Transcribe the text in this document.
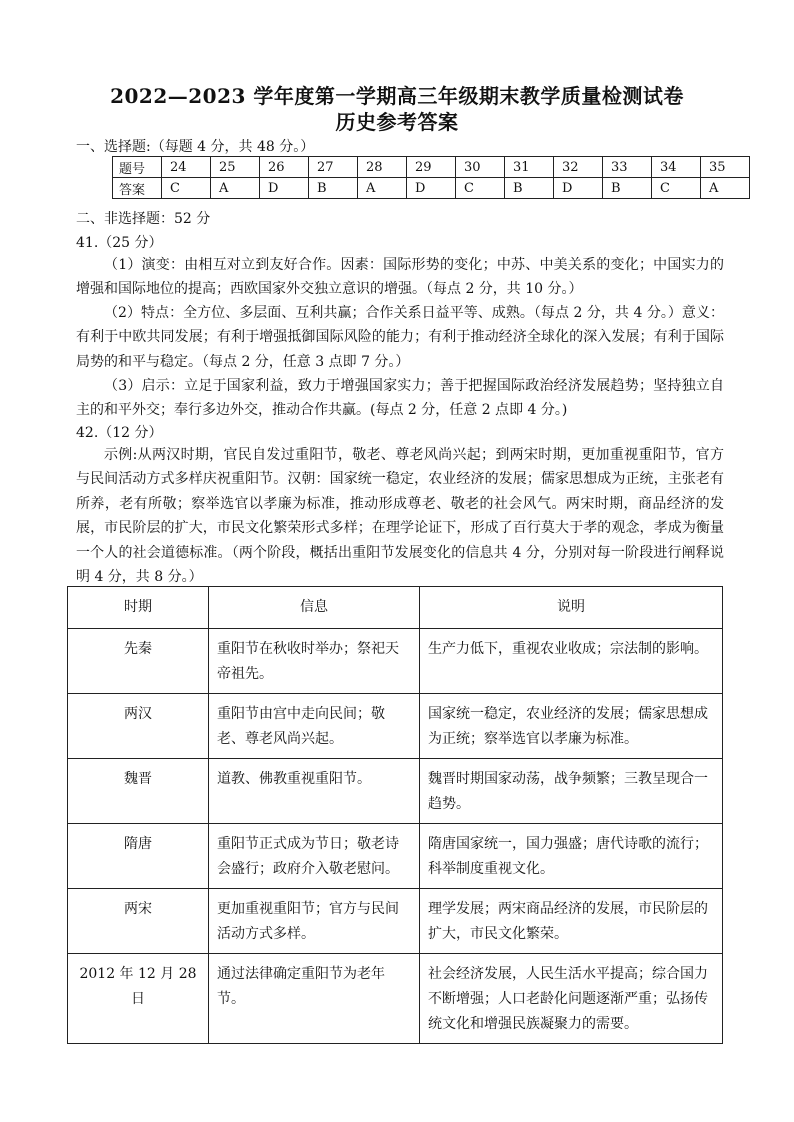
2022—2023 学年度第一学期高三年级期末教学质量检测试卷
历史参考答案
一、选择题:（每题 4 分，共 48 分。）
题号	24	25	26	27	28	29	30	31	32	33	34	35
答案	C	A	D	B	A	D	C	B	D	B	C	A
二、非选择题：52 分
41.（25 分）
（1）演变：由相互对立到友好合作。因素：国际形势的变化；中苏、中美关系的变化；中国实力的增强和国际地位的提高；西欧国家外交独立意识的增强。（每点 2 分，共 10 分。）
（2）特点：全方位、多层面、互利共赢；合作关系日益平等、成熟。（每点 2 分，共 4 分。）意义：有利于中欧共同发展；有利于增强抵御国际风险的能力；有利于推动经济全球化的深入发展；有利于国际局势的和平与稳定。（每点 2 分，任意 3 点即 7 分。）
（3）启示：立足于国家利益，致力于增强国家实力；善于把握国际政治经济发展趋势；坚持独立自主的和平外交；奉行多边外交，推动合作共赢。(每点 2 分，任意 2 点即 4 分。)
42.（12 分）
示例:从两汉时期，官民自发过重阳节，敬老、尊老风尚兴起；到两宋时期，更加重视重阳节，官方与民间活动方式多样庆祝重阳节。汉朝：国家统一稳定，农业经济的发展；儒家思想成为正统，主张老有所养，老有所敬；察举选官以孝廉为标准，推动形成尊老、敬老的社会风气。两宋时期，商品经济的发展，市民阶层的扩大，市民文化繁荣形式多样；在理学论证下，形成了百行莫大于孝的观念，孝成为衡量一个人的社会道德标准。（两个阶段，概括出重阳节发展变化的信息共 4 分，分别对每一阶段进行阐释说明 4 分，共 8 分。）
时期	信息	说明
先秦	重阳节在秋收时举办；祭祀天帝祖先。	生产力低下，重视农业收成；宗法制的影响。
两汉	重阳节由宫中走向民间；敬老、尊老风尚兴起。	国家统一稳定，农业经济的发展；儒家思想成为正统；察举选官以孝廉为标准。
魏晋	道教、佛教重视重阳节。	魏晋时期国家动荡，战争频繁；三教呈现合一趋势。
隋唐	重阳节正式成为节日；敬老诗会盛行；政府介入敬老慰问。	隋唐国家统一，国力强盛；唐代诗歌的流行；科举制度重视文化。
两宋	更加重视重阳节；官方与民间活动方式多样。	理学发展；两宋商品经济的发展，市民阶层的扩大，市民文化繁荣。
2012 年 12 月 28 日	通过法律确定重阳节为老年节。	社会经济发展，人民生活水平提高；综合国力不断增强；人口老龄化问题逐渐严重；弘扬传统文化和增强民族凝聚力的需要。
